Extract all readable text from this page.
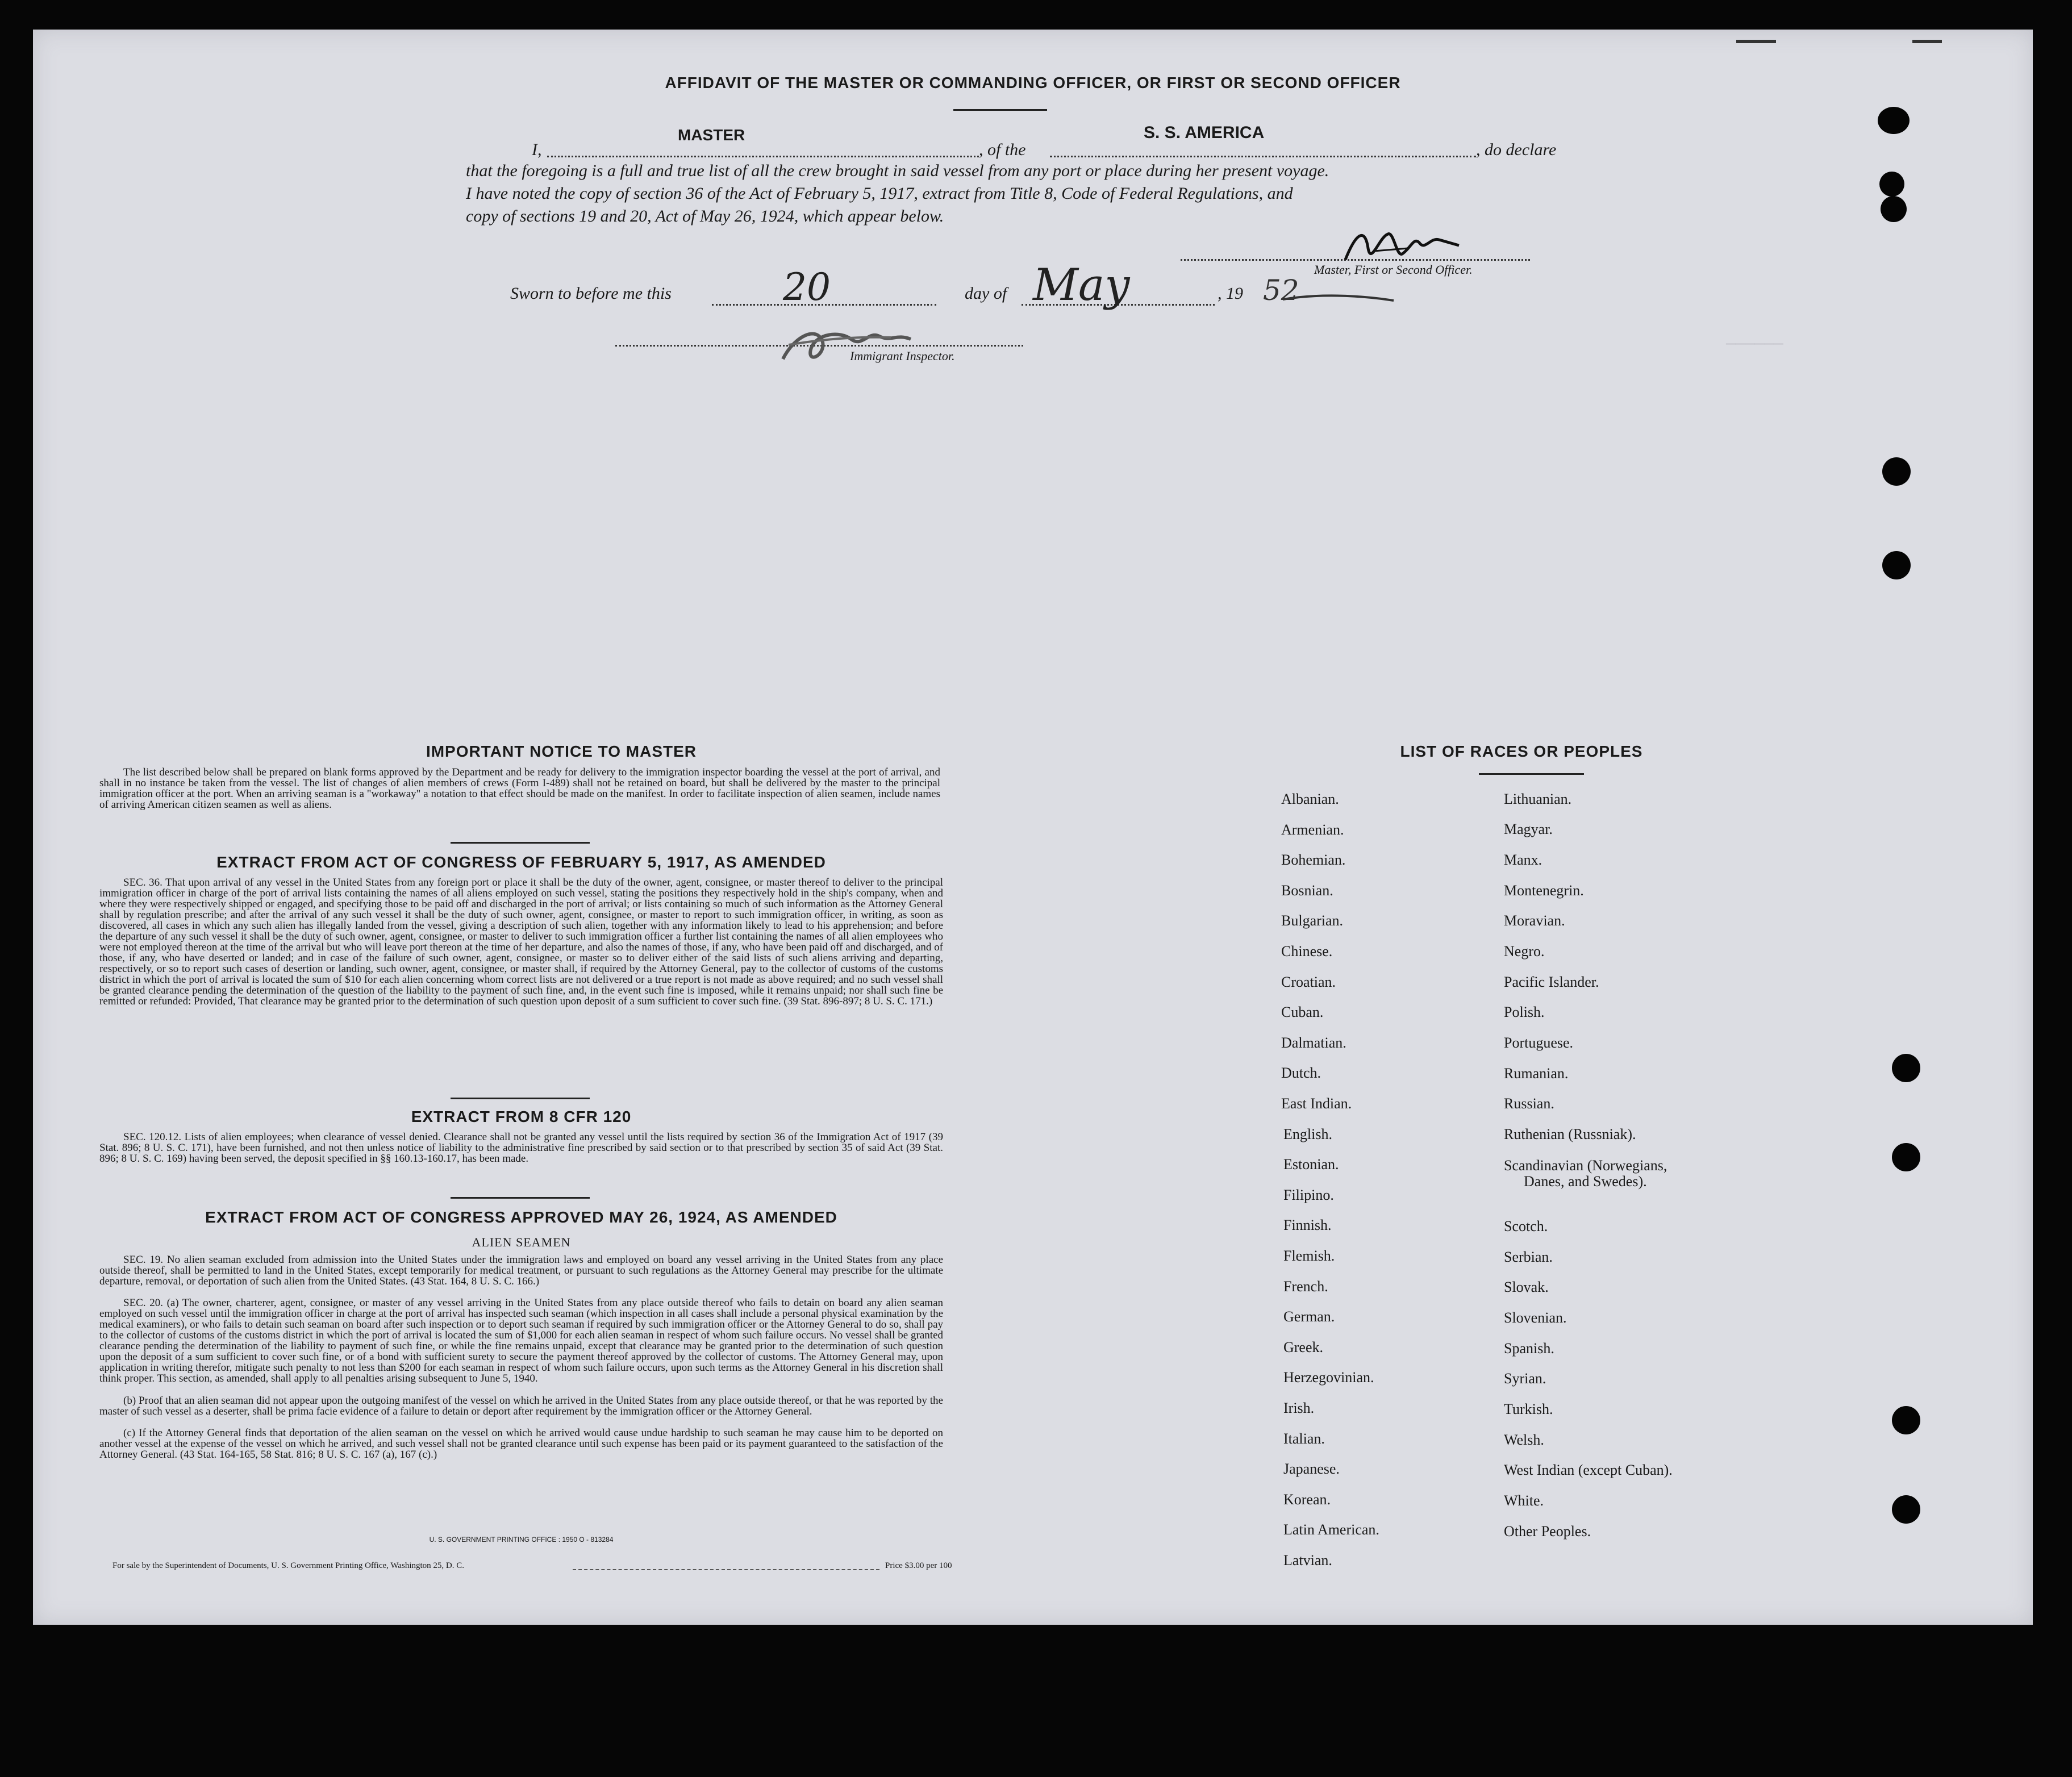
──────
AFFIDAVIT OF THE MASTER OR COMMANDING OFFICER, OR FIRST OR SECOND OFFICER
I,
MASTER
, of the
S. S. AMERICA
, do declare
that the foregoing is a full and true list of all the crew brought in said vessel from any port or place during her present voyage.
I have noted the copy of section 36 of the Act of February 5, 1917, extract from Title 8, Code of Federal Regulations, and
copy of sections 19 and 20, Act of May 26, 1924, which appear below.
Master, First or Second Officer.
Sworn to before me this	20	day of May	, 19 52
Immigrant Inspector.
IMPORTANT NOTICE TO MASTER
The list described below shall be prepared on blank forms approved by the Department and be ready for delivery to the immigration inspector boarding the vessel at the port of arrival, and shall in no instance be taken from the vessel. The list of changes of alien members of crews (Form I-489) shall not be retained on board, but shall be delivered by the master to the principal immigration officer at the port. When an arriving seaman is a "workaway" a notation to that effect should be made on the manifest. In order to facilitate inspection of alien seamen, include names of arriving American citizen seamen as well as aliens.
EXTRACT FROM ACT OF CONGRESS OF FEBRUARY 5, 1917, AS AMENDED
SEC. 36. That upon arrival of any vessel in the United States from any foreign port or place it shall be the duty of the owner, agent, consignee, or master thereof to deliver to the principal immigration officer in charge of the port of arrival lists containing the names of all aliens employed on such vessel, stating the positions they respectively hold in the ship's company, when and where they were respectively shipped or engaged, and specifying those to be paid off and discharged in the port of arrival; or lists containing so much of such information as the Attorney General shall by regulation prescribe; and after the arrival of any such vessel it shall be the duty of such owner, agent, consignee, or master to report to such immigration officer, in writing, as soon as discovered, all cases in which any such alien has illegally landed from the vessel, giving a description of such alien, together with any information likely to lead to his apprehension; and before the departure of any such vessel it shall be the duty of such owner, agent, consignee, or master to deliver to such immigration officer a further list containing the names of all alien employees who were not employed thereon at the time of the arrival but who will leave port thereon at the time of her departure, and also the names of those, if any, who have been paid off and discharged, and of those, if any, who have deserted or landed; and in case of the failure of such owner, agent, consignee, or master so to deliver either of the said lists of such aliens arriving and departing, respectively, or so to report such cases of desertion or landing, such owner, agent, consignee, or master shall, if required by the Attorney General, pay to the collector of customs of the customs district in which the port of arrival is located the sum of $10 for each alien concerning whom correct lists are not delivered or a true report is not made as above required; and no such vessel shall be granted clearance pending the determination of the question of the liability to the payment of such fine, and, in the event such fine is imposed, while it remains unpaid; nor shall such fine be remitted or refunded: Provided, That clearance may be granted prior to the determination of such question upon deposit of a sum sufficient to cover such fine. (39 Stat. 896-897; 8 U. S. C. 171.)
EXTRACT FROM 8 CFR 120
SEC. 120.12. Lists of alien employees; when clearance of vessel denied. Clearance shall not be granted any vessel until the lists required by section 36 of the Immigration Act of 1917 (39 Stat. 896; 8 U. S. C. 171), have been furnished, and not then unless notice of liability to the administrative fine prescribed by said section or to that prescribed by section 35 of said Act (39 Stat. 896; 8 U. S. C. 169) having been served, the deposit specified in §§ 160.13-160.17, has been made.
EXTRACT FROM ACT OF CONGRESS APPROVED MAY 26, 1924, AS AMENDED
ALIEN SEAMEN
SEC. 19. No alien seaman excluded from admission into the United States under the immigration laws and employed on board any vessel arriving in the United States from any place outside thereof, shall be permitted to land in the United States, except temporarily for medical treatment, or pursuant to such regulations as the Attorney General may prescribe for the ultimate departure, removal, or deportation of such alien from the United States. (43 Stat. 164, 8 U. S. C. 166.)
SEC. 20. (a) The owner, charterer, agent, consignee, or master of any vessel arriving in the United States from any place outside thereof who fails to detain on board any alien seaman employed on such vessel until the immigration officer in charge at the port of arrival has inspected such seaman (which inspection in all cases shall include a personal physical examination by the medical examiners), or who fails to detain such seaman on board after such inspection or to deport such seaman if required by such immigration officer or the Attorney General to do so, shall pay to the collector of customs of the customs district in which the port of arrival is located the sum of $1,000 for each alien seaman in respect of whom such failure occurs. No vessel shall be granted clearance pending the determination of the liability to payment of such fine, or while the fine remains unpaid, except that clearance may be granted prior to the determination of such question upon the deposit of a sum sufficient to cover such fine, or of a bond with sufficient surety to secure the payment thereof approved by the collector of customs. The Attorney General may, upon application in writing therefor, mitigate such penalty to not less than $200 for each seaman in respect of whom such failure occurs, upon such terms as the Attorney General in his discretion shall think proper. This section, as amended, shall apply to all penalties arising subsequent to June 5, 1940.
(b) Proof that an alien seaman did not appear upon the outgoing manifest of the vessel on which he arrived in the United States from any place outside thereof, or that he was reported by the master of such vessel as a deserter, shall be prima facie evidence of a failure to detain or deport after requirement by the immigration officer or the Attorney General.
(c) If the Attorney General finds that deportation of the alien seaman on the vessel on which he arrived would cause undue hardship to such seaman he may cause him to be deported on another vessel at the expense of the vessel on which he arrived, and such vessel shall not be granted clearance until such expense has been paid or its payment guaranteed to the satisfaction of the Attorney General. (43 Stat. 164-165, 58 Stat. 816; 8 U. S. C. 167 (a), 167 (c).)
U. S. GOVERNMENT PRINTING OFFICE : 1950 O - 813284
For sale by the Superintendent of Documents, U. S. Government Printing Office, Washington 25, D. C.	Price $3.00 per 100
LIST OF RACES OR PEOPLES
Albanian.
Armenian.
Bohemian.
Bosnian.
Bulgarian.
Chinese.
Croatian.
Cuban.
Dalmatian.
Dutch.
East Indian.
English.
Estonian.
Filipino.
Finnish.
Flemish.
French.
German.
Greek.
Herzegovinian.
Irish.
Italian.
Japanese.
Korean.
Latin American.
Latvian.
Lithuanian.
Magyar.
Manx.
Montenegrin.
Moravian.
Negro.
Pacific Islander.
Polish.
Portuguese.
Rumanian.
Russian.
Ruthenian (Russniak).
Scandinavian (Norwegians,
Danes, and Swedes).
Scotch.
Serbian.
Slovak.
Slovenian.
Spanish.
Syrian.
Turkish.
Welsh.
West Indian (except Cuban).
White.
Other Peoples.
